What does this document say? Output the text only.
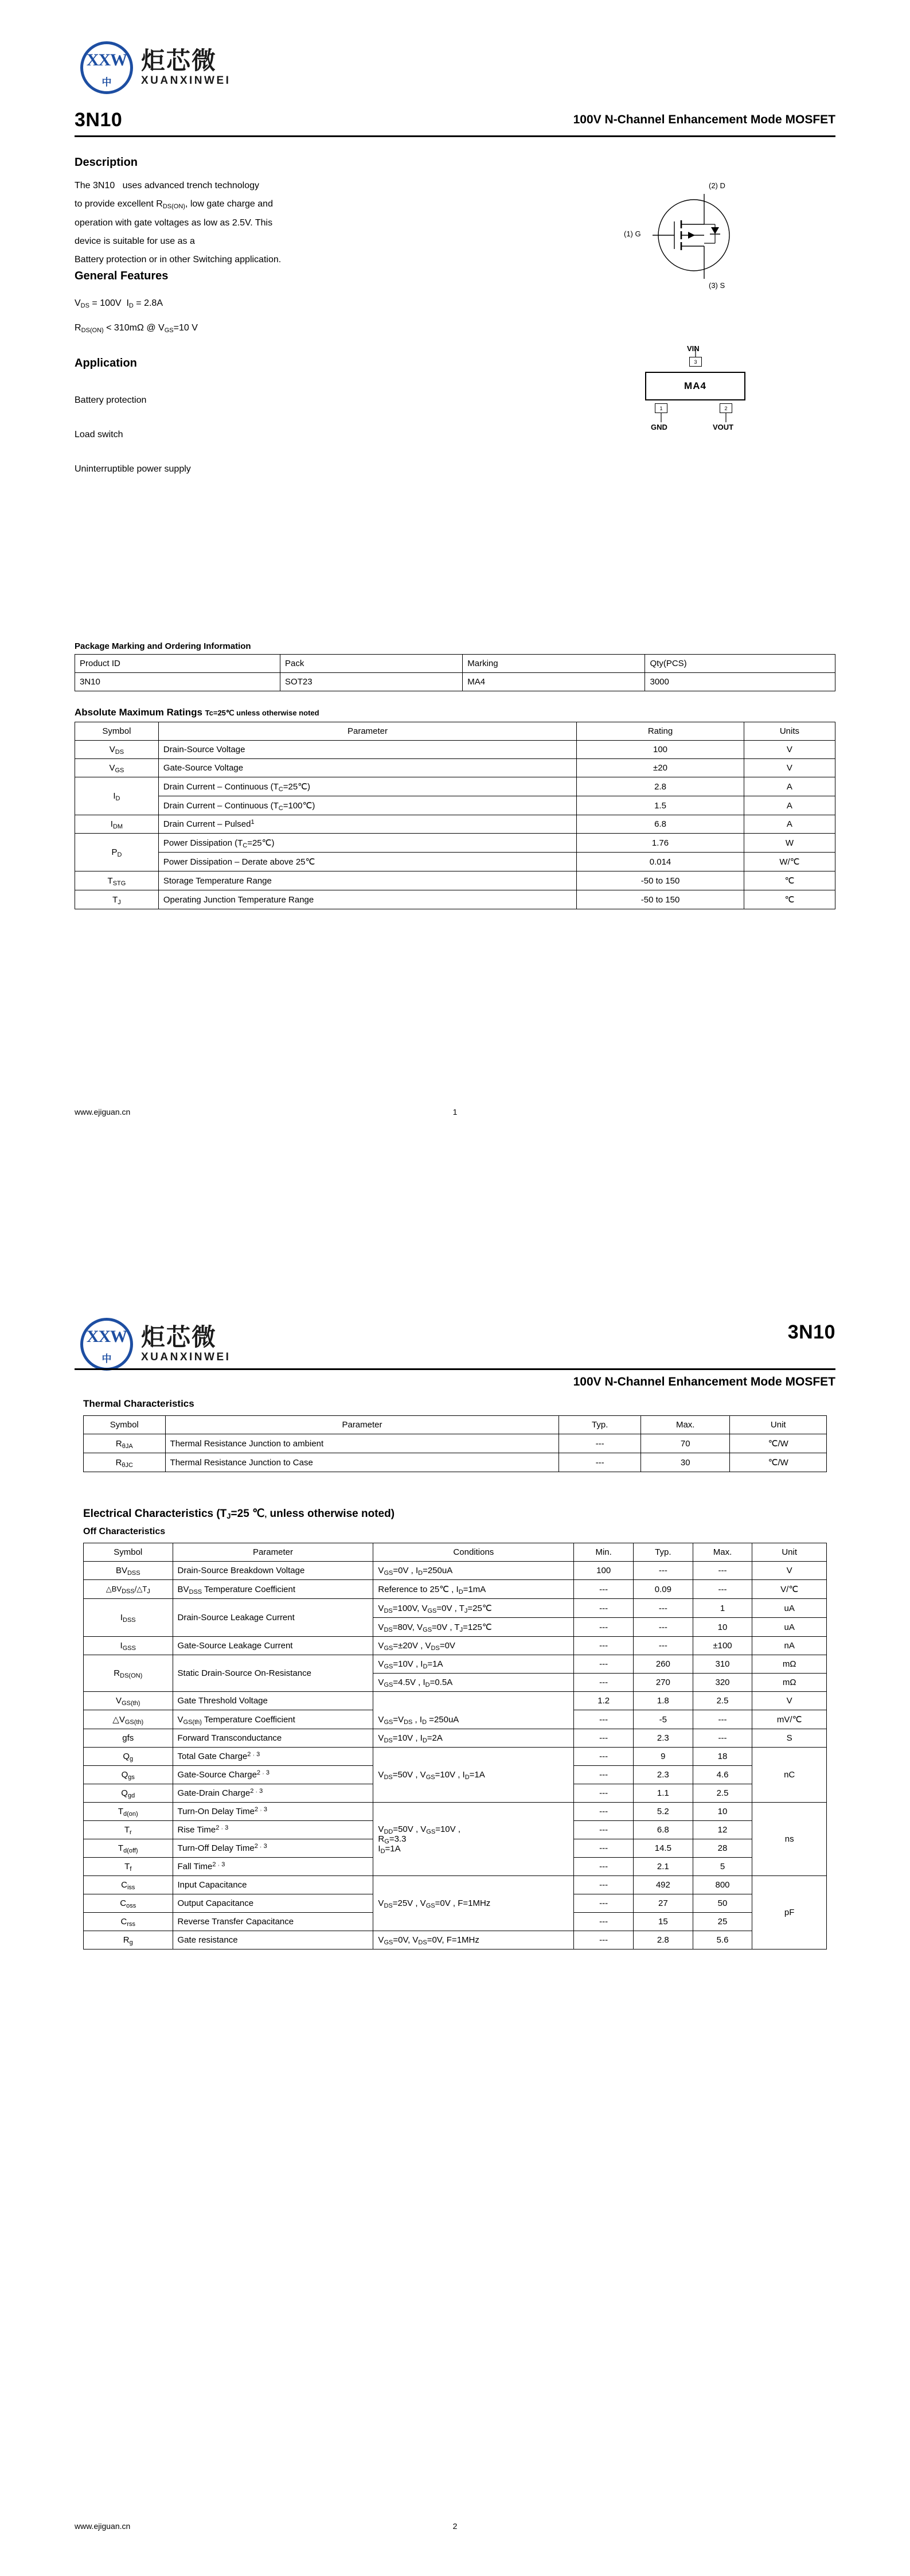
XXW
中
炬芯微
XUANXINWEI
3N10	100V N-Channel Enhancement Mode MOSFET
Description
The 3N10   uses advanced trench technology
to provide excellent $R_{DS(ON)}$, low gate charge and
operation with gate voltages as low as 2.5V. This
device is suitable for use as a
Battery protection or in other Switching application.
General Features
$V_{DS} = 100V$  $I_D = 2.8A$
$R_{DS(ON)} < 310m\Omega$ @ $V_{GS}=10$ V
Application
Battery protection
Load switch
Uninterruptible power supply
(2) D
(1) G
(3) S
VIN
3
MA4
1	2
GND	VOUT
Package Marking and Ordering Information
Product ID	Pack	Marking	Qty(PCS)
3N10	SOT23	MA4	3000
Absolute Maximum Ratings Tc=25℃ unless otherwise noted
Symbol	Parameter	Rating	Units
$V_{DS}$	Drain-Source Voltage	100	V
$V_{GS}$	Gate-Source Voltage	±20	V
$I_D$	Drain Current – Continuous $(T_C=25℃)$	2.8	A
	Drain Current – Continuous $(T_C=100℃)$	1.5	A
$I_{DM}$	Drain Current – Pulsed$^1$	6.8	A
$P_D$	Power Dissipation $(T_C=25℃)$	1.76	W
	Power Dissipation – Derate above 25℃	0.014	W/℃
$T_{STG}$	Storage Temperature Range	-50 to 150	℃
$T_J$	Operating Junction Temperature Range	-50 to 150	℃
www.ejiguan.cn	1
XXW
中
炬芯微
XUANXINWEI
3N10
100V N-Channel Enhancement Mode MOSFET
Thermal Characteristics
Symbol	Parameter	Typ.	Max.	Unit
$R_{\theta JA}$	Thermal Resistance Junction to ambient	---	70	℃/W
$R_{\theta JC}$	Thermal Resistance Junction to Case	---	30	℃/W
Electrical Characteristics ($T_J=25$ ℃, unless otherwise noted)
Off Characteristics
Symbol	Parameter	Conditions	Min.	Typ.	Max.	Unit
$BV_{DSS}$	Drain-Source Breakdown Voltage	$V_{GS}=0V$ , $I_D=250uA$	100	---	---	V
$\triangle BV_{DSS}/\triangle T_J$	$BV_{DSS}$ Temperature Coefficient	Reference to 25℃ , $I_D=1mA$	---	0.09	---	V/℃
$I_{DSS}$	Drain-Source Leakage Current	$V_{DS}=100V$, $V_{GS}=0V$ , $T_J=25℃$	---	---	1	uA
		$V_{DS}=80V$, $V_{GS}=0V$ , $T_J=125℃$	---	---	10	uA
$I_{GSS}$	Gate-Source Leakage Current	$V_{GS}=\pm 20V$ , $V_{DS}=0V$	---	---	±100	nA
$R_{DS(ON)}$	Static Drain-Source On-Resistance	$V_{GS}=10V$ , $I_D=1A$	---	260	310	mΩ
		$V_{GS}=4.5V$ , $I_D=0.5A$	---	270	320	mΩ
$V_{GS(th)}$	Gate Threshold Voltage	$V_{GS}=V_{DS}$ , $I_D =250uA$	1.2	1.8	2.5	V
$\triangle V_{GS(th)}$	$V_{GS(th)}$ Temperature Coefficient		---	-5	---	mV/℃
gfs	Forward Transconductance	$V_{DS}=10V$ , $I_D=2A$	---	2.3	---	S
$Q_g$	Total Gate Charge$^{2 ˒ 3}$	$V_{DS}=50V$ , $V_{GS}=10V$ , $I_D=1A$	---	9	18	nC
$Q_{gs}$	Gate-Source Charge$^{2 ˒ 3}$		---	2.3	4.6	
$Q_{gd}$	Gate-Drain Charge$^{2 ˒ 3}$		---	1.1	2.5	
$T_{d(on)}$	Turn-On Delay Time$^{2 ˒ 3}$	$V_{DD}=50V$ , $V_{GS}=10V$ ,
$R_G=3.3$
$I_D=1A$	---	5.2	10	ns
$T_r$	Rise Time$^{2 ˒ 3}$		---	6.8	12	
$T_{d(off)}$	Turn-Off Delay Time$^{2 ˒ 3}$		---	14.5	28	
$T_f$	Fall Time$^{2 ˒ 3}$		---	2.1	5	
$C_{iss}$	Input Capacitance	$V_{DS}=25V$ , $V_{GS}=0V$ , F=1MHz	---	492	800	pF
$C_{oss}$	Output Capacitance		---	27	50	
$C_{rss}$	Reverse Transfer Capacitance		---	15	25	
$R_g$	Gate resistance	$V_{GS}=0V$, $V_{DS}=0V$, F=1MHz	---	2.8	5.6	
www.ejiguan.cn	2
